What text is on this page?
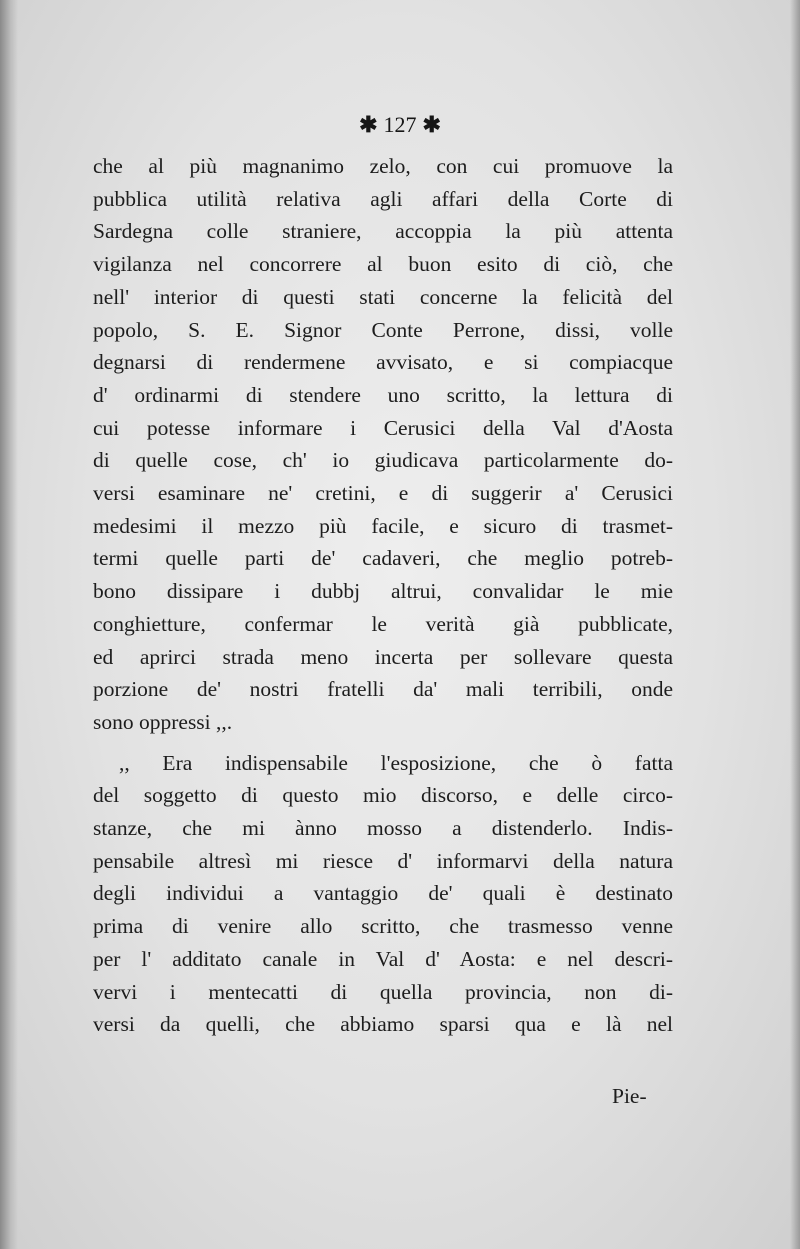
✱ 127 ✱
che al più magnanimo zelo, con cui promuove la
pubblica utilità relativa agli affari della Corte di
Sardegna colle straniere, accoppia la più attenta
vigilanza nel concorrere al buon esito di ciò, che
nell' interior di questi stati concerne la felicità del
popolo, S. E. Signor Conte Perrone, dissi, volle
degnarsi di rendermene avvisato, e si compiacque
d' ordinarmi di stendere uno scritto, la lettura di
cui potesse informare i Cerusici della Val d'Aosta
di quelle cose, ch' io giudicava particolarmente do-
versi esaminare ne' cretini, e di suggerir a' Cerusici
medesimi il mezzo più facile, e sicuro di trasmet-
termi quelle parti de' cadaveri, che meglio potreb-
bono dissipare i dubbj altrui, convalidar le mie
conghietture, confermar le verità già pubblicate,
ed aprirci strada meno incerta per sollevare questa
porzione de' nostri fratelli da' mali terribili, onde
sono oppressi ,,.
,, Era indispensabile l'esposizione, che ò fatta
del soggetto di questo mio discorso, e delle circo-
stanze, che mi ànno mosso a distenderlo. Indis-
pensabile altresì mi riesce d' informarvi della natura
degli individui a vantaggio de' quali è destinato
prima di venire allo scritto, che trasmesso venne
per l' additato canale in Val d' Aosta: e nel descri-
vervi i mentecatti di quella provincia, non di-
versi da quelli, che abbiamo sparsi qua e là nel
Pie-
